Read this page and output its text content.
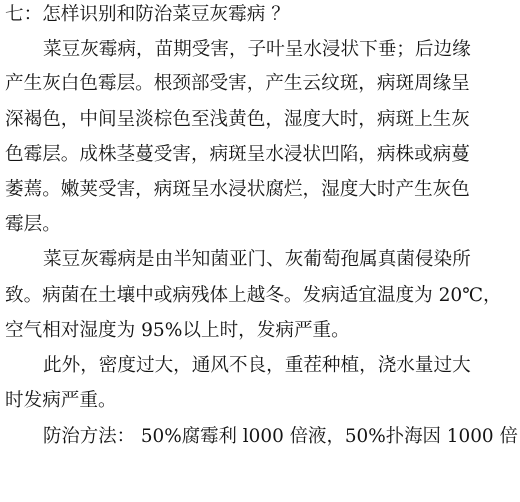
七：怎样识别和防治菜豆灰霉病 ？
菜豆灰霉病，苗期受害，子叶呈水浸状下垂；后边缘
产生灰白色霉层。根颈部受害，产生云纹斑，病斑周缘呈
深褐色，中间呈淡棕色至浅黄色，湿度大时，病斑上生灰
色霉层。成株茎蔓受害，病斑呈水浸状凹陷，病株或病蔓
萎蔫。嫩荚受害，病斑呈水浸状腐烂，湿度大时产生灰色
霉层。
菜豆灰霉病是由半知菌亚门、灰葡萄孢属真菌侵染所
致。病菌在土壤中或病残体上越冬。发病适宜温度为 20℃，
空气相对湿度为 95%以上时，发病严重。
此外，密度过大，通风不良，重茬种植，浇水量过大
时发病严重。
防治方法： 50%腐霉利 l000 倍液，50%扑海因 1000 倍
